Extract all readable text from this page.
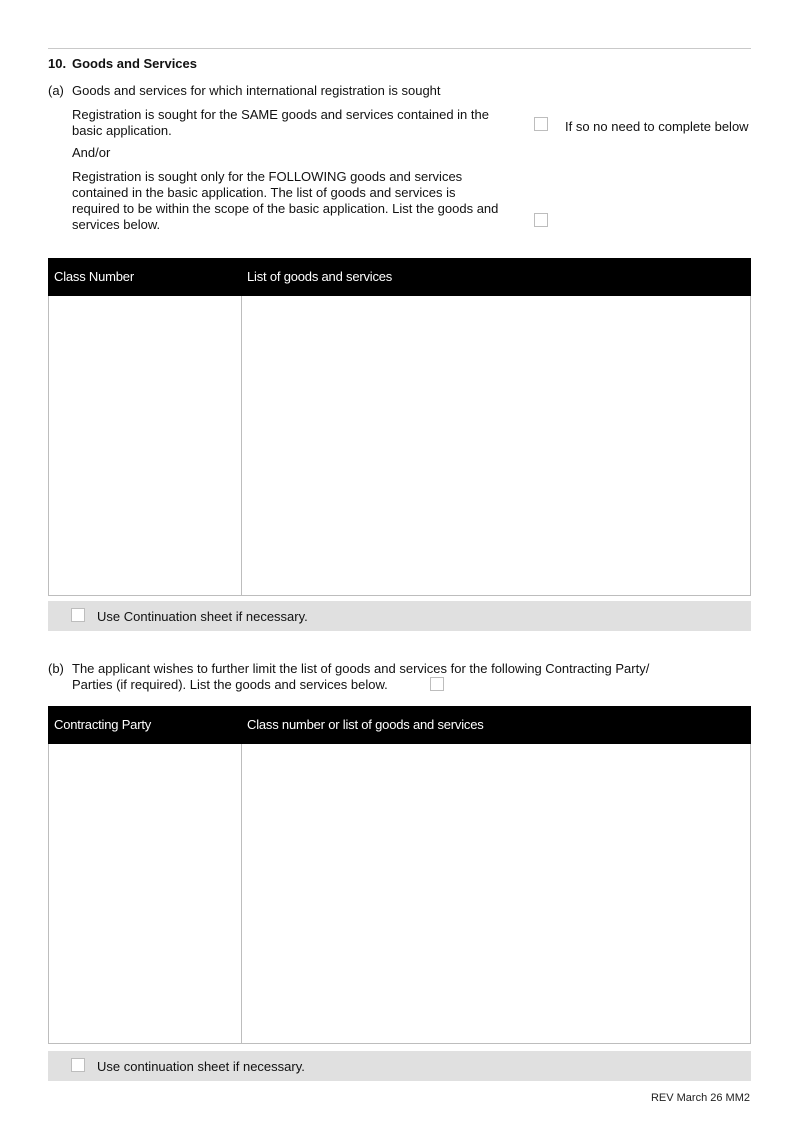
10. Goods and Services
(a) Goods and services for which international registration is sought
Registration is sought for the SAME goods and services contained in the
basic application.	If so no need to complete below
And/or
Registration is sought only for the FOLLOWING goods and services
contained in the basic application. The list of goods and services is
required to be within the scope of the basic application. List the goods and
services below.
Class Number	List of goods and services
Use Continuation sheet if necessary.
(b) The applicant wishes to further limit the list of goods and services for the following Contracting Party/
Parties (if required). List the goods and services below.
Contracting Party	Class number or list of goods and services
Use continuation sheet if necessary.
REV March 26 MM2
